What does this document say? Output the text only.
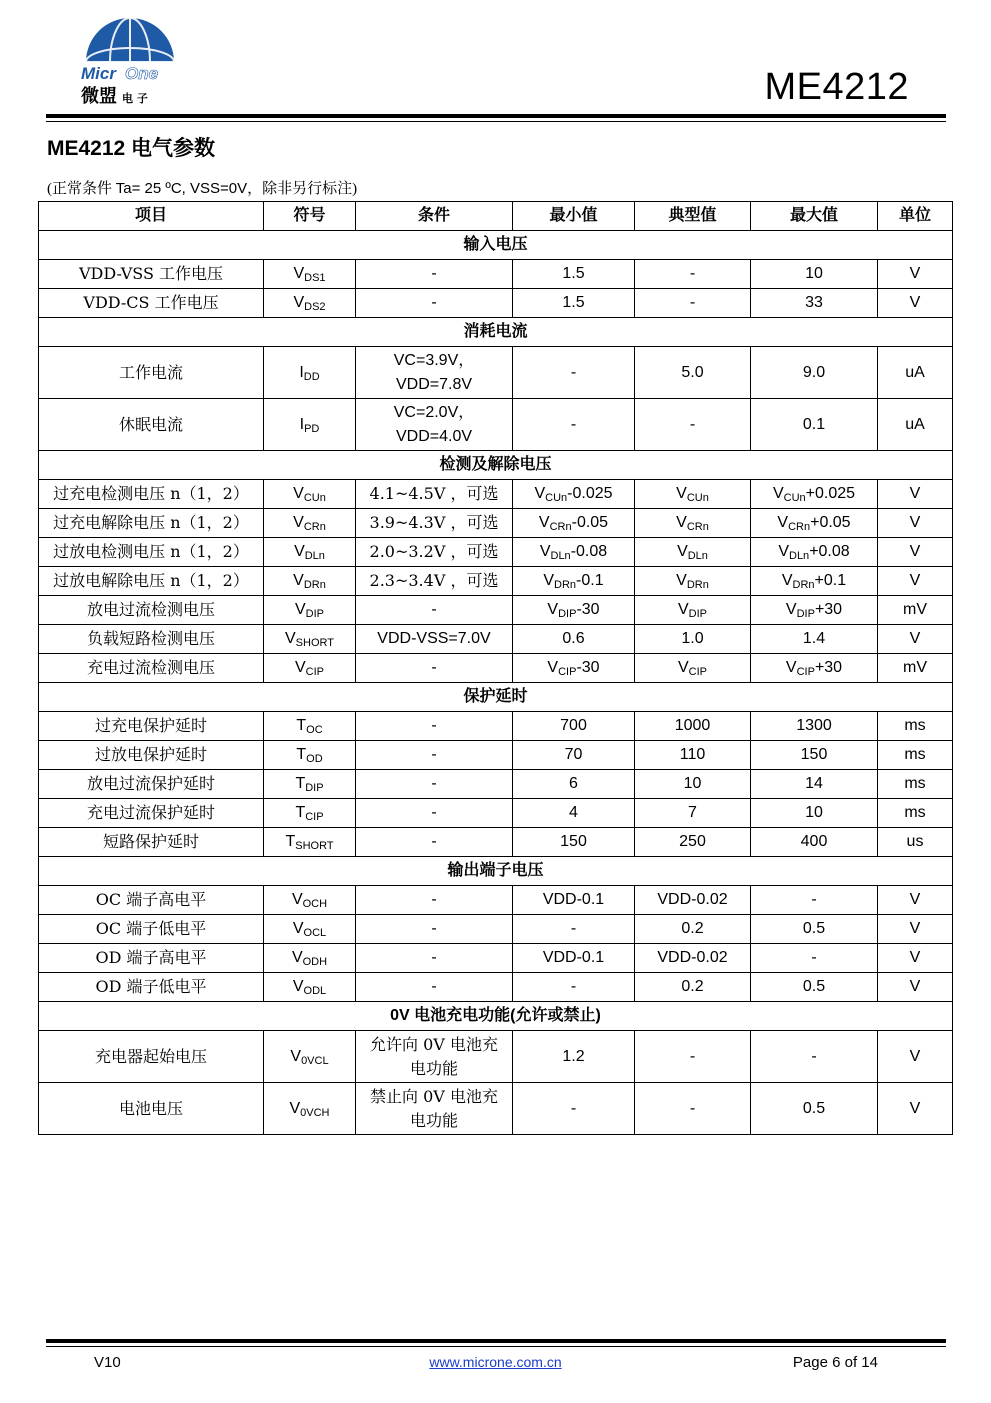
Micr One
微盟 电 子	ME4212
ME4212 电气参数
(正常条件 Ta= 25 ºC, VSS=0V，除非另行标注)
项目	符号	条件	最小值	典型值	最大值	单位
输入电压						
VDD-VSS 工作电压	$V_{DS1}$	-	1.5	-	10	V
VDD-CS 工作电压	$V_{DS2}$	-	1.5	-	33	V
消耗电流						
工作电流	$I_{DD}$	VC=3.9V，
VDD=7.8V	-	5.0	9.0	uA
休眠电流	$I_{PD}$	VC=2.0V，
VDD=4.0V	-	-	0.1	uA
检测及解除电压						
过充电检测电压 n（1，2）	$V_{CUn}$	4.1~4.5V ，可选	$V_{CUn}-0.025$	$V_{CUn}$	$V_{CUn}+0.025$	V
过充电解除电压 n（1，2）	$V_{CRn}$	3.9~4.3V ，可选	$V_{CRn}-0.05$	$V_{CRn}$	$V_{CRn}+0.05$	V
过放电检测电压 n（1，2）	$V_{DLn}$	2.0~3.2V ，可选	$V_{DLn}-0.08$	$V_{DLn}$	$V_{DLn}+0.08$	V
过放电解除电压 n（1，2）	$V_{DRn}$	2.3~3.4V ，可选	$V_{DRn}-0.1$	$V_{DRn}$	$V_{DRn}+0.1$	V
放电过流检测电压	$V_{DIP}$	-	$V_{DIP}-30$	$V_{DIP}$	$V_{DIP}+30$	mV
负载短路检测电压	$V_{SHORT}$	VDD-VSS=7.0V	0.6	1.0	1.4	V
充电过流检测电压	$V_{CIP}$	-	$V_{CIP}-30$	$V_{CIP}$	$V_{CIP}+30$	mV
保护延时						
过充电保护延时	$T_{OC}$	-	700	1000	1300	ms
过放电保护延时	$T_{OD}$	-	70	110	150	ms
放电过流保护延时	$T_{DIP}$	-	6	10	14	ms
充电过流保护延时	$T_{CIP}$	-	4	7	10	ms
短路保护延时	$T_{SHORT}$	-	150	250	400	us
输出端子电压						
OC 端子高电平	$V_{OCH}$	-	VDD-0.1	VDD-0.02	-	V
OC 端子低电平	$V_{OCL}$	-	-	0.2	0.5	V
OD 端子高电平	$V_{ODH}$	-	VDD-0.1	VDD-0.02	-	V
OD 端子低电平	$V_{ODL}$	-	-	0.2	0.5	V
0V 电池充电功能(允许或禁止)						
充电器起始电压	$V_{0VCL}$	允许向 0V 电池充
电功能	1.2	-	-	V
电池电压	$V_{0VCH}$	禁止向 0V 电池充
电功能	-	-	0.5	V
V10	www.microne.com.cn	Page 6 of 14
